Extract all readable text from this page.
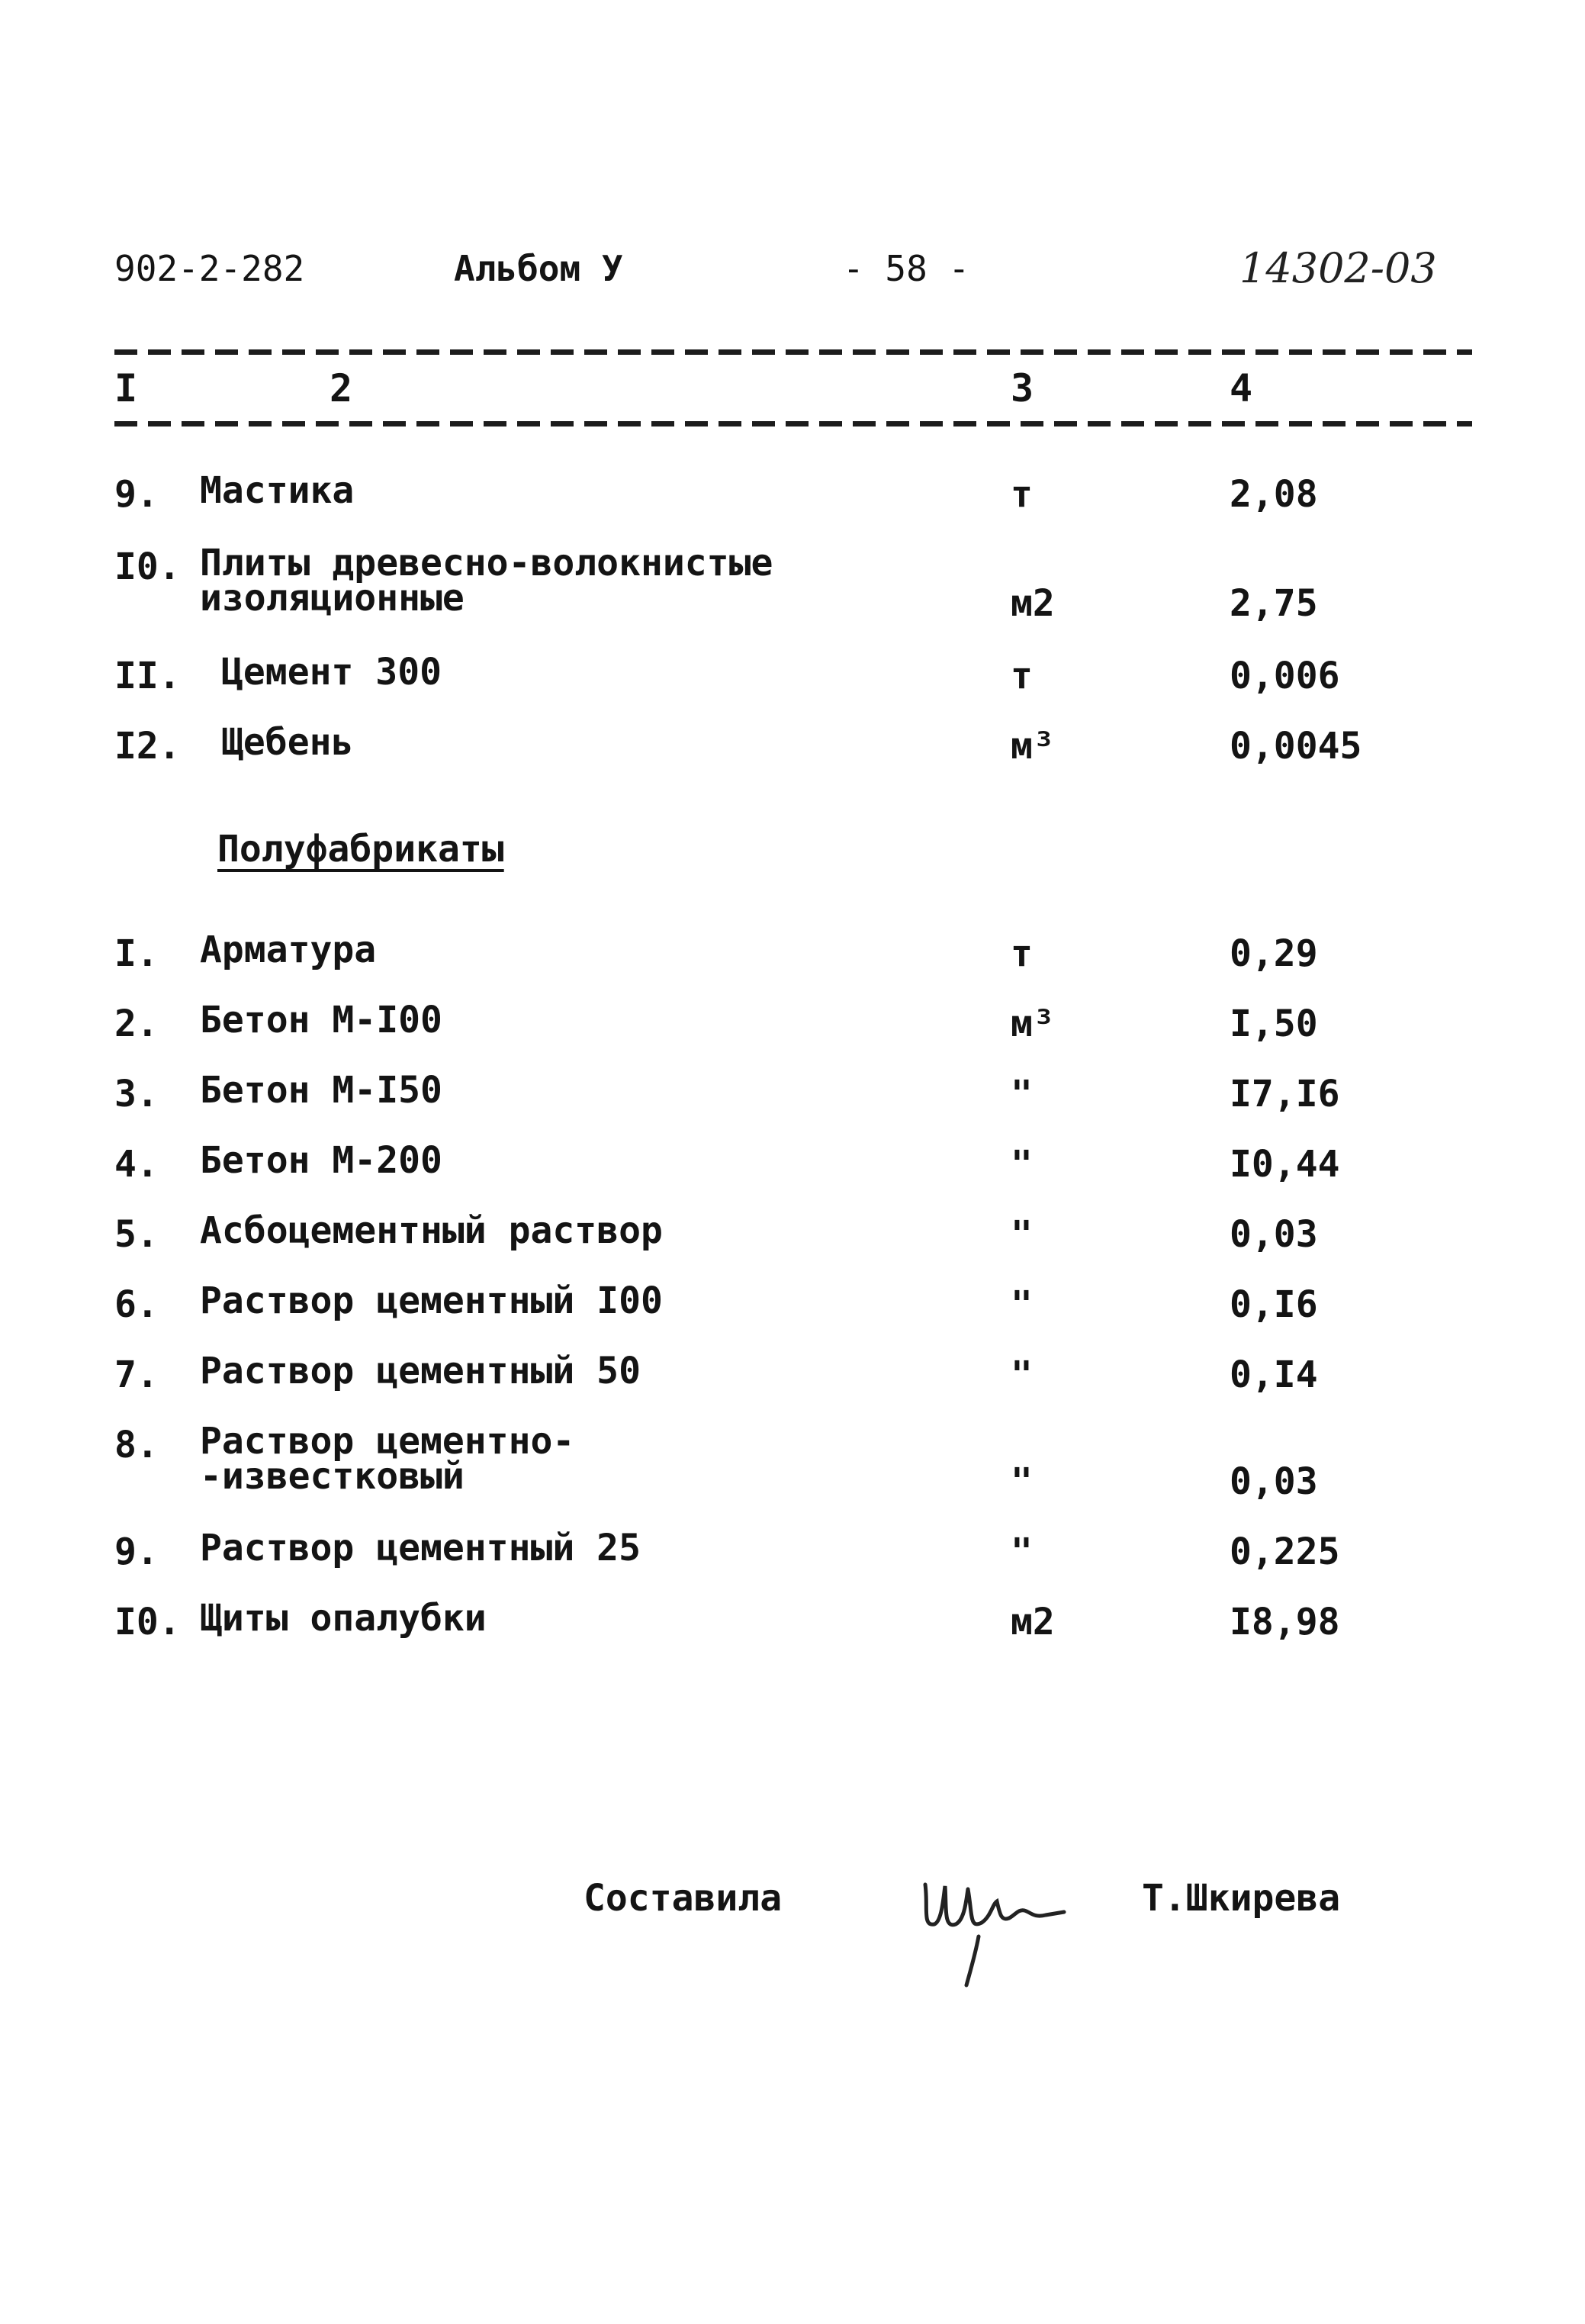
902-2-282	Альбом У	- 58 -	14302-03
I	2	3	4
9. Мастика	т	2,08
I0. Плиты древесно-волокнистые
изоляционные	м2	2,75
II. Цемент 300	т	0,006
I2. Щебень	м³	0,0045
Полуфабрикаты
I. Арматура	т	0,29
2. Бетон М-I00	м³	I,50
3. Бетон М-I50	"	I7,I6
4. Бетон М-200	"	I0,44
5. Асбоцементный раствор	"	0,03
6. Раствор цементный I00	"	0,I6
7. Раствор цементный 50	"	0,I4
8. Раствор цементно-
-известковый	"	0,03
9. Раствор цементный 25	"	0,225
I0. Щиты опалубки	м2	I8,98
Составила	Т.Шкирева
